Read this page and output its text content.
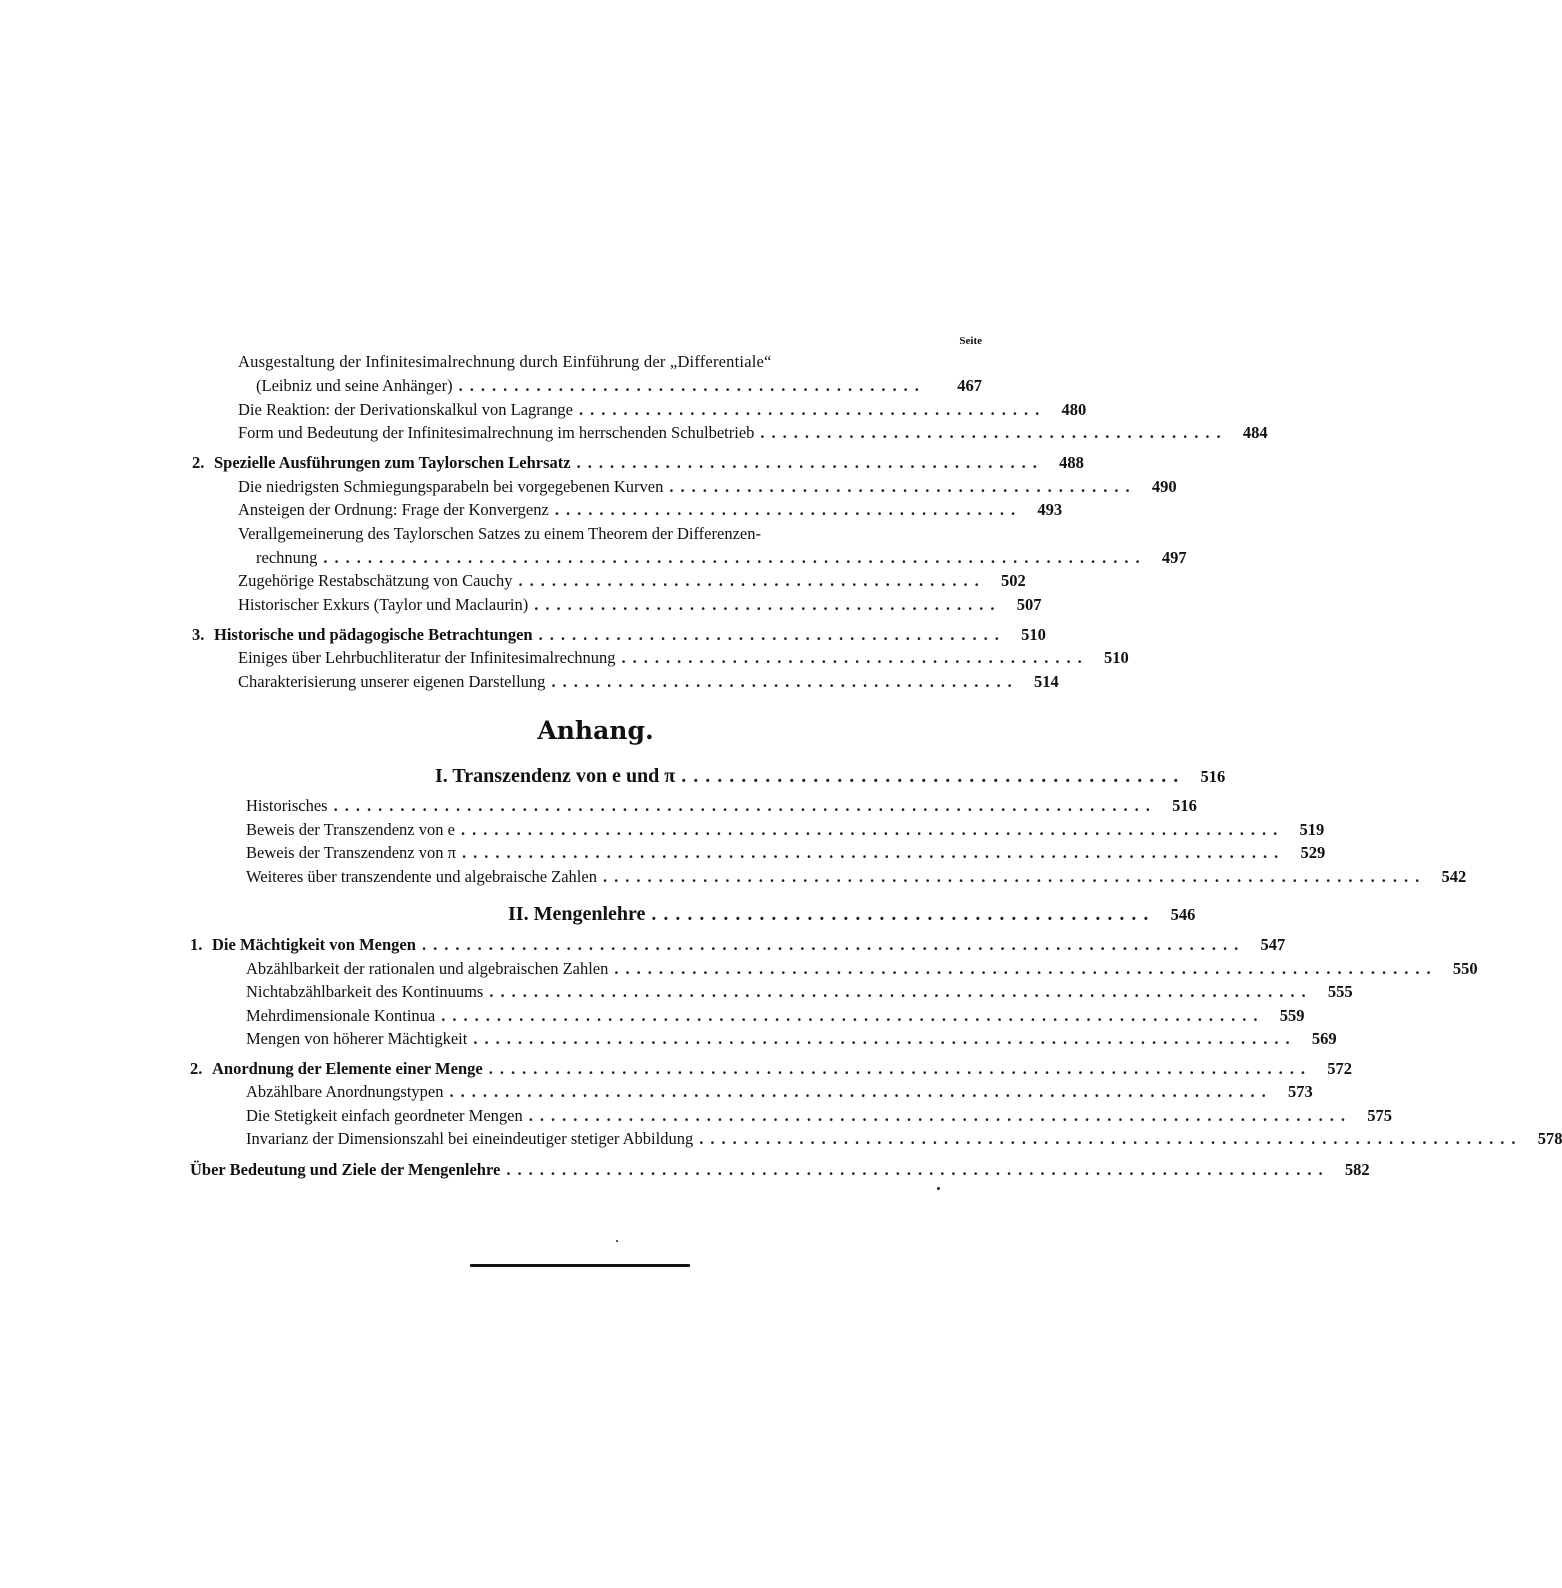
Seite
Ausgestaltung der Infinitesimalrechnung durch Einführung der „Differentiale“
(Leibniz und seine Anhänger) ..........................................	467
Die Reaktion: der Derivationskalkul von Lagrange .......................................... 480
Form und Bedeutung der Infinitesimalrechnung im herrschenden Schulbetrieb .......................................... 484
2. Spezielle Ausführungen zum Taylorschen Lehrsatz .......................................... 488
Die niedrigsten Schmiegungsparabeln bei vorgegebenen Kurven .......................................... 490
Ansteigen der Ordnung: Frage der Konvergenz .......................................... 493
Verallgemeinerung des Taylorschen Satzes zu einem Theorem der Differenzen-
rechnung .......................................................................... 497
Zugehörige Restabschätzung von Cauchy .......................................... 502
Historischer Exkurs (Taylor und Maclaurin) .......................................... 507
3. Historische und pädagogische Betrachtungen .......................................... 510
Einiges über Lehrbuchliteratur der Infinitesimalrechnung .......................................... 510
Charakterisierung unserer eigenen Darstellung .......................................... 514
Anhang.
I. Transzendenz von e und π .......................................... 516
Historisches .......................................................................... 516
Beweis der Transzendenz von e .......................................................................... 519
Beweis der Transzendenz von π .......................................................................... 529
Weiteres über transzendente und algebraische Zahlen .......................................................................... 542
II. Mengenlehre .......................................... 546
1. Die Mächtigkeit von Mengen .......................................................................... 547
Abzählbarkeit der rationalen und algebraischen Zahlen .......................................................................... 550
Nichtabzählbarkeit des Kontinuums .......................................................................... 555
Mehrdimensionale Kontinua .......................................................................... 559
Mengen von höherer Mächtigkeit .......................................................................... 569
2. Anordnung der Elemente einer Menge .......................................................................... 572
Abzählbare Anordnungstypen .......................................................................... 573
Die Stetigkeit einfach geordneter Mengen .......................................................................... 575
Invarianz der Dimensionszahl bei eineindeutiger stetiger Abbildung .......................................................................... 578
Über Bedeutung und Ziele der Mengenlehre .......................................................................... 582
